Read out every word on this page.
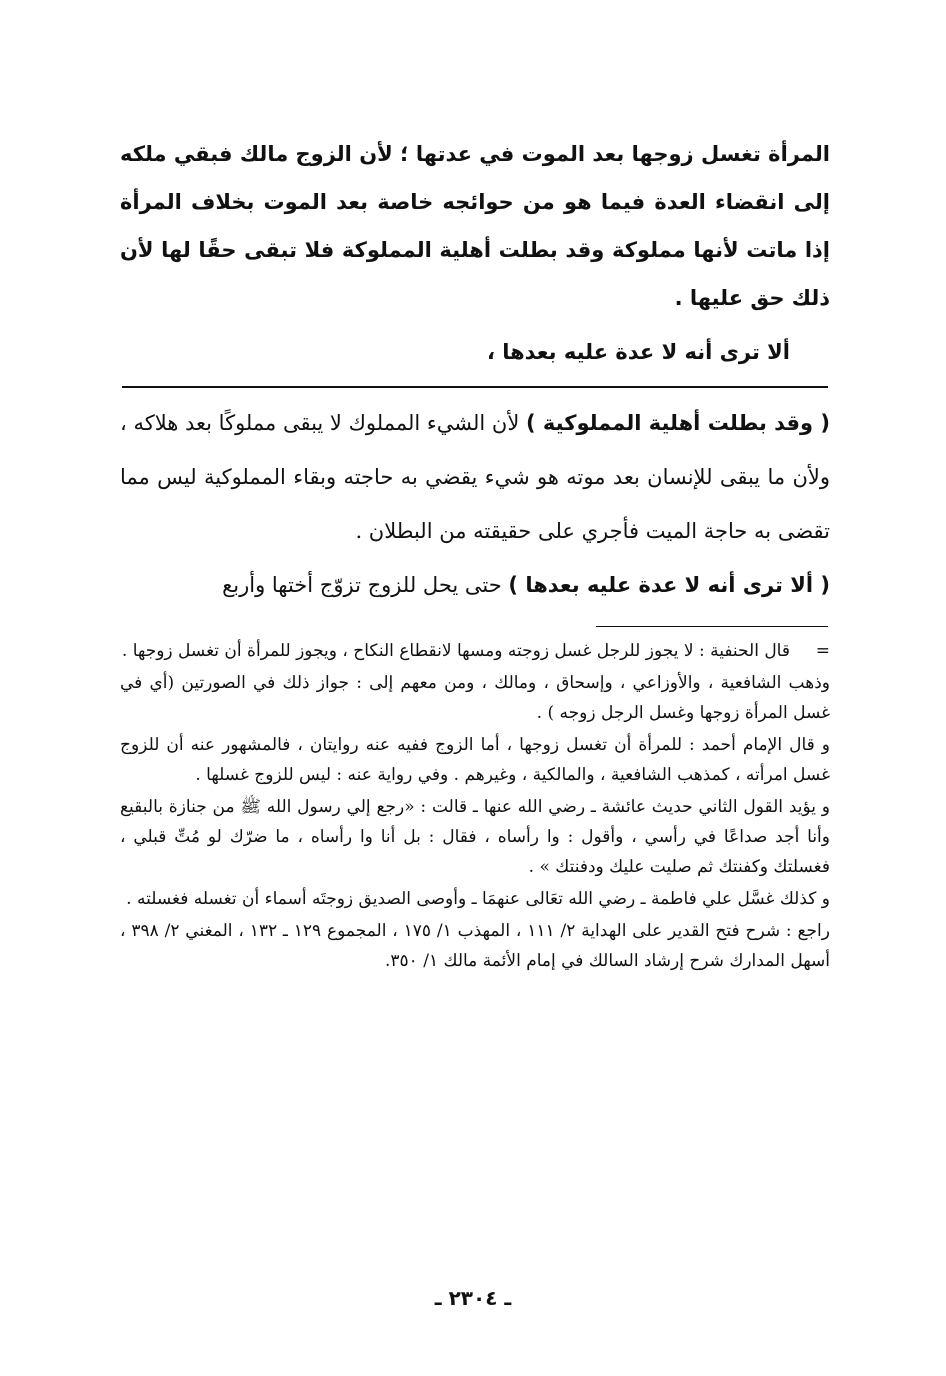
المرأة تغسل زوجها بعد الموت في عدتها ؛ لأن الزوج مالك فبقي ملكه إلى انقضاء العدة فيما هو من حوائجه خاصة بعد الموت بخلاف المرأة إذا ماتت لأنها مملوكة وقد بطلت أهلية المملوكة فلا تبقى حقًا لها لأن ذلك حق عليها .

ألا ترى أنه لا عدة عليه بعدها ،

( وقد بطلت أهلية المملوكية ) لأن الشيء المملوك لا يبقى مملوكًا بعد هلاكه ، ولأن ما يبقى للإنسان بعد موته هو شيء يقضي به حاجته وبقاء المملوكية ليس مما تقضى به حاجة الميت فأجري على حقيقته من البطلان .

( ألا ترى أنه لا عدة عليه بعدها ) حتى يحل للزوج تزوّج أختها وأربع

=
قال الحنفية : لا يجوز للرجل غسل زوجته ومسها لانقطاع النكاح ، ويجوز للمرأة أن تغسل زوجها .

وذهب الشافعية ، والأوزاعي ، وإسحاق ، ومالك ، ومن معهم إلى : جواز ذلك في الصورتين (أي في غسل المرأة زوجها وغسل الرجل زوجه ) .

و قال الإمام أحمد : للمرأة أن تغسل زوجها ، أما الزوج ففيه عنه روايتان ، فالمشهور عنه أن للزوج غسل امرأته ، كمذهب الشافعية ، والمالكية ، وغيرهم . وفي رواية عنه : ليس للزوج غسلها .

و يؤيد القول الثاني حديث عائشة ـ رضي الله عنها ـ قالت : «رجع إلي رسول الله ﷺ من جنازة بالبقيع وأنا أجد صداعًا في رأسي ، وأقول : وا رأساه ، فقال : بل أنا وا رأساه ، ما ضرّك لو مُتِّ قبلي ، فغسلتك وكفنتك ثم صليت عليك ودفنتك » .

و كذلك غسَّل علي فاطمة ـ رضي الله تعَالى عنهمَا ـ وأوصى الصديق زوجتَه أسماء أن تغسله فغسلته .

راجع : شرح فتح القدير على الهداية ٢/ ١١١ ، المهذب ١/ ١٧٥ ، المجموع ١٢٩ ـ ١٣٢ ، المغني ٢/ ٣٩٨ ، أسهل المدارك شرح إرشاد السالك في إمام الأئمة مالك ١/ ٣٥٠.

ـ ٢٣٠٤ ـ
